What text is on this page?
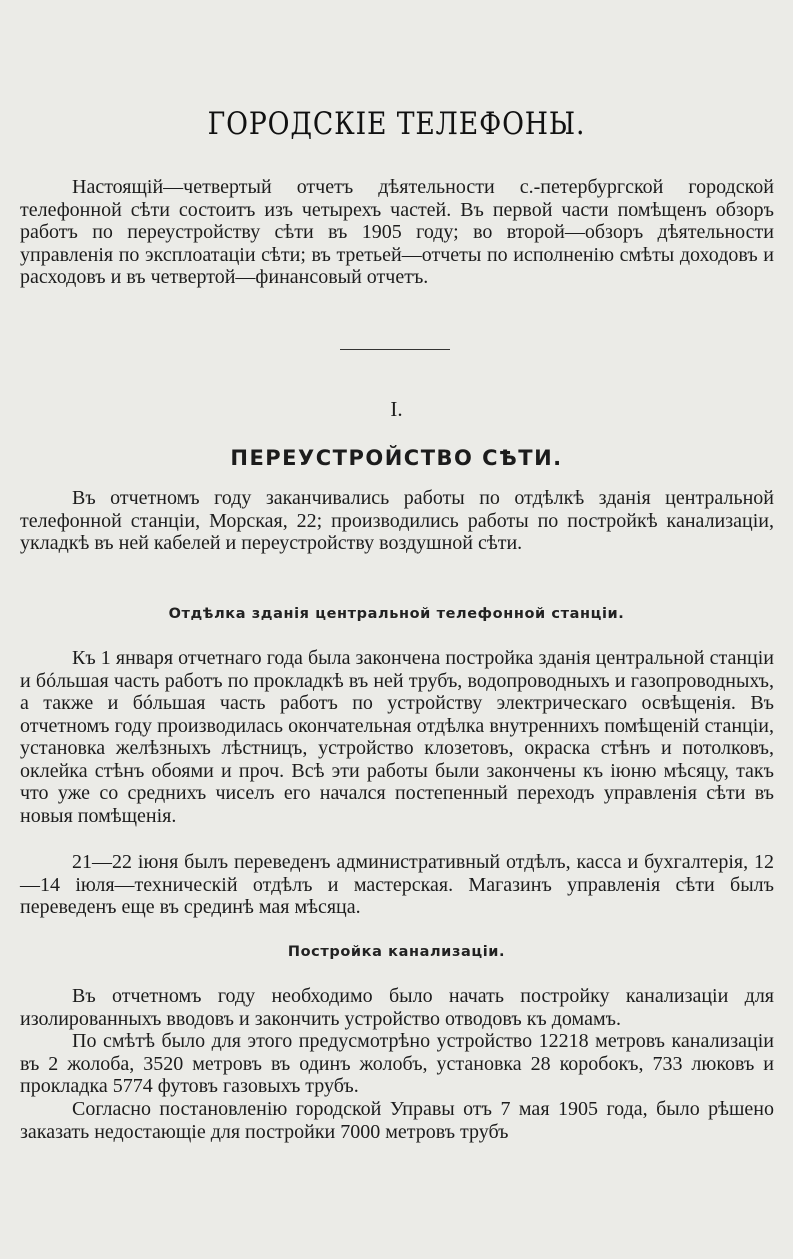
ГОРОДСКІЕ ТЕЛЕФОНЫ.

Настоящій—четвертый отчетъ дѣятельности с.-петербургской городской телефонной сѣти состоитъ изъ четырехъ частей. Въ первой части помѣщенъ обзоръ работъ по переустройству сѣти въ 1905 году; во второй—обзоръ дѣятельности управленія по эксплоатаціи сѣти; въ третьей—отчеты по исполненію смѣты доходовъ и расходовъ и въ четвертой—финансовый отчетъ.

I.
ПЕРЕУСТРОЙСТВО СѢТИ.

Въ отчетномъ году заканчивались работы по отдѣлкѣ зданія центральной телефонной станціи, Морская, 22; производились работы по постройкѣ канализаціи, укладкѣ въ ней кабелей и переустройству воздушной сѣти.

Отдѣлка зданія центральной телефонной станціи.

Къ 1 января отчетнаго года была закончена постройка зданія центральной станціи и бóльшая часть работъ по прокладкѣ въ ней трубъ, водопроводныхъ и газопроводныхъ, а также и бóльшая часть работъ по устройству электрическаго освѣщенія. Въ отчетномъ году производилась окончательная отдѣлка внутреннихъ помѣщеній станціи, установка желѣзныхъ лѣстницъ, устройство клозетовъ, окраска стѣнъ и потолковъ, оклейка стѣнъ обоями и проч. Всѣ эти работы были закончены къ іюню мѣсяцу, такъ что уже со среднихъ чиселъ его начался постепенный переходъ управленія сѣти въ новыя помѣщенія.

21—22 іюня былъ переведенъ административный отдѣлъ, касса и бухгалтерія, 12—14 іюля—техническій отдѣлъ и мастерская. Магазинъ управленія сѣти былъ переведенъ еще въ срединѣ мая мѣсяца.

Постройка канализаціи.

Въ отчетномъ году необходимо было начать постройку канализаціи для изолированныхъ вводовъ и закончить устройство отводовъ къ домамъ.

По смѣтѣ было для этого предусмотрѣно устройство 12218 метровъ канализаціи въ 2 жолоба, 3520 метровъ въ одинъ жолобъ, установка 28 коробокъ, 733 люковъ и прокладка 5774 футовъ газовыхъ трубъ.

Согласно постановленію городской Управы отъ 7 мая 1905 года, было рѣшено заказать недостающіе для постройки 7000 метровъ трубъ
